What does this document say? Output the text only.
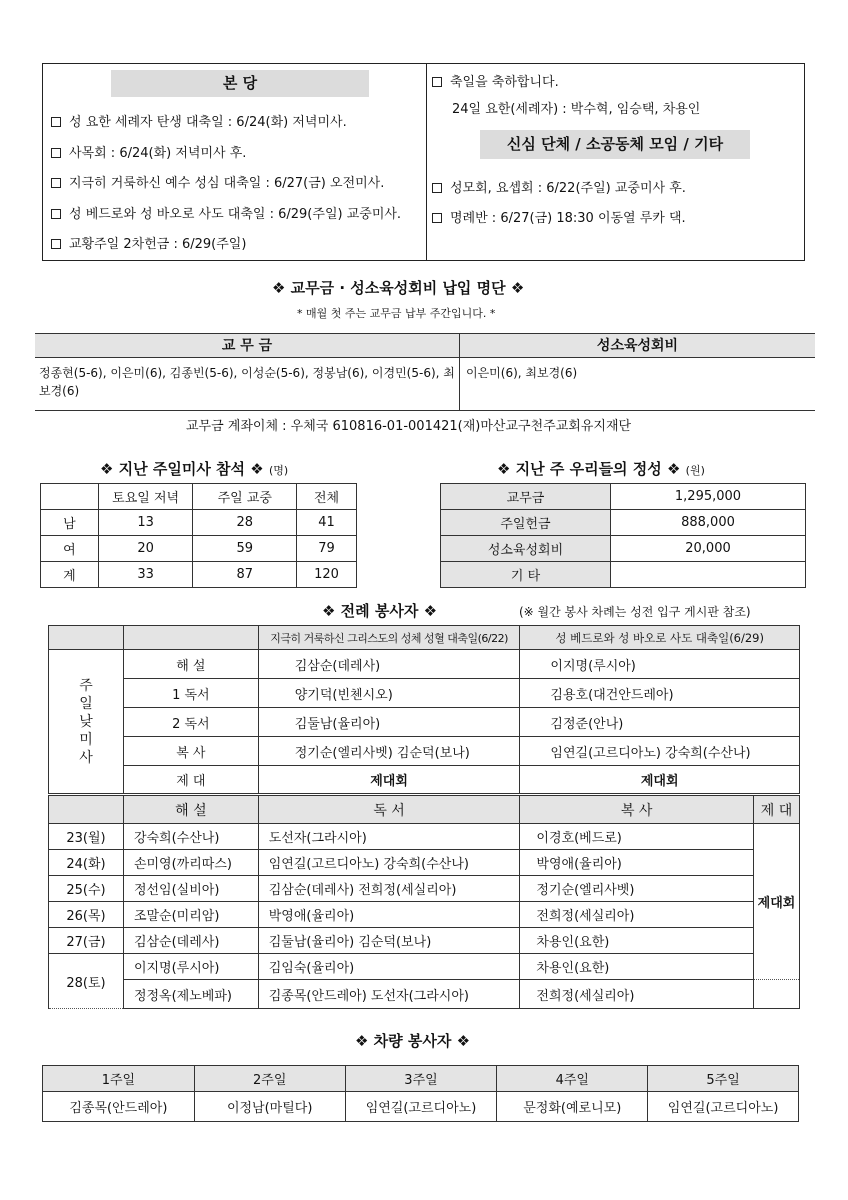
본 당
성 요한 세례자 탄생 대축일 : 6/24(화) 저녁미사.
사목회 : 6/24(화) 저녁미사 후.
지극히 거룩하신 예수 성심 대축일 : 6/27(금) 오전미사.
성 베드로와 성 바오로 사도 대축일 : 6/29(주일) 교중미사.
교황주일 2차헌금 : 6/29(주일)
축일을 축하합니다.
24일 요한(세례자) : 박수혁, 임승택, 차용인
신심 단체 / 소공동체 모임 / 기타
성모회, 요셉회 : 6/22(주일) 교중미사 후.
명례반 : 6/27(금) 18:30 이동열 루카 댁.
❖ 교무금 · 성소육성회비 납입 명단 ❖
* 매월 첫 주는 교무금 납부 주간입니다. *
교 무 금	성소육성회비
정종현(5-6), 이은미(6), 김종빈(5-6), 이성순(5-6), 정봉남(6), 이경민(5-6), 최보경(6)
이은미(6), 최보경(6)
교무금 계좌이체 : 우체국 610816-01-001421(재)마산교구천주교회유지재단
❖ 지난 주일미사 참석 ❖ (명)
	토요일 저녁	주일 교중	전체
남	13	28	41
여	20	59	79
계	33	87	120
❖ 지난 주 우리들의 정성 ❖ (원)
교무금	1,295,000
주일헌금	888,000
성소육성회비	20,000
기 타	
❖ 전례 봉사자 ❖	(※ 월간 봉사 차례는 성전 입구 게시판 참조)
		지극히 거룩하신 그리스도의 성체 성혈 대축일(6/22)	성 베드로와 성 바오로 사도 대축일(6/29)	
주
일
낮
미
사	해 설	김삼순(데레사)	이지명(루시아)	
	1 독서	양기덕(빈첸시오)	김용호(대건안드레아)	
	2 독서	김둘남(율리아)	김정준(안나)	
	복 사	정기순(엘리사벳) 김순덕(보나)	임연길(고르디아노) 강숙희(수산나)	
	제 대	제대회	제대회	
	해 설	독 서	복 사	제 대
23(월)	강숙희(수산나)	도선자(그라시아)	이경호(베드로)	제대회
24(화)	손미영(까리따스)	임연길(고르디아노) 강숙희(수산나)	박영애(율리아)	
25(수)	정선임(실비아)	김삼순(데레사) 전희정(세실리아)	정기순(엘리사벳)	
26(목)	조말순(미리암)	박영애(율리아)	전희정(세실리아)	
27(금)	김삼순(데레사)	김둘남(율리아) 김순덕(보나)	차용인(요한)	
28(토)	이지명(루시아)	김임숙(율리아)	차용인(요한)	
	정정옥(제노베파)	김종목(안드레아) 도선자(그라시아)	전희정(세실리아)	
❖ 차량 봉사자 ❖
1주일	2주일	3주일	4주일	5주일
김종목(안드레아)	이정남(마틸다)	임연길(고르디아노)	문정화(예로니모)	임연길(고르디아노)
